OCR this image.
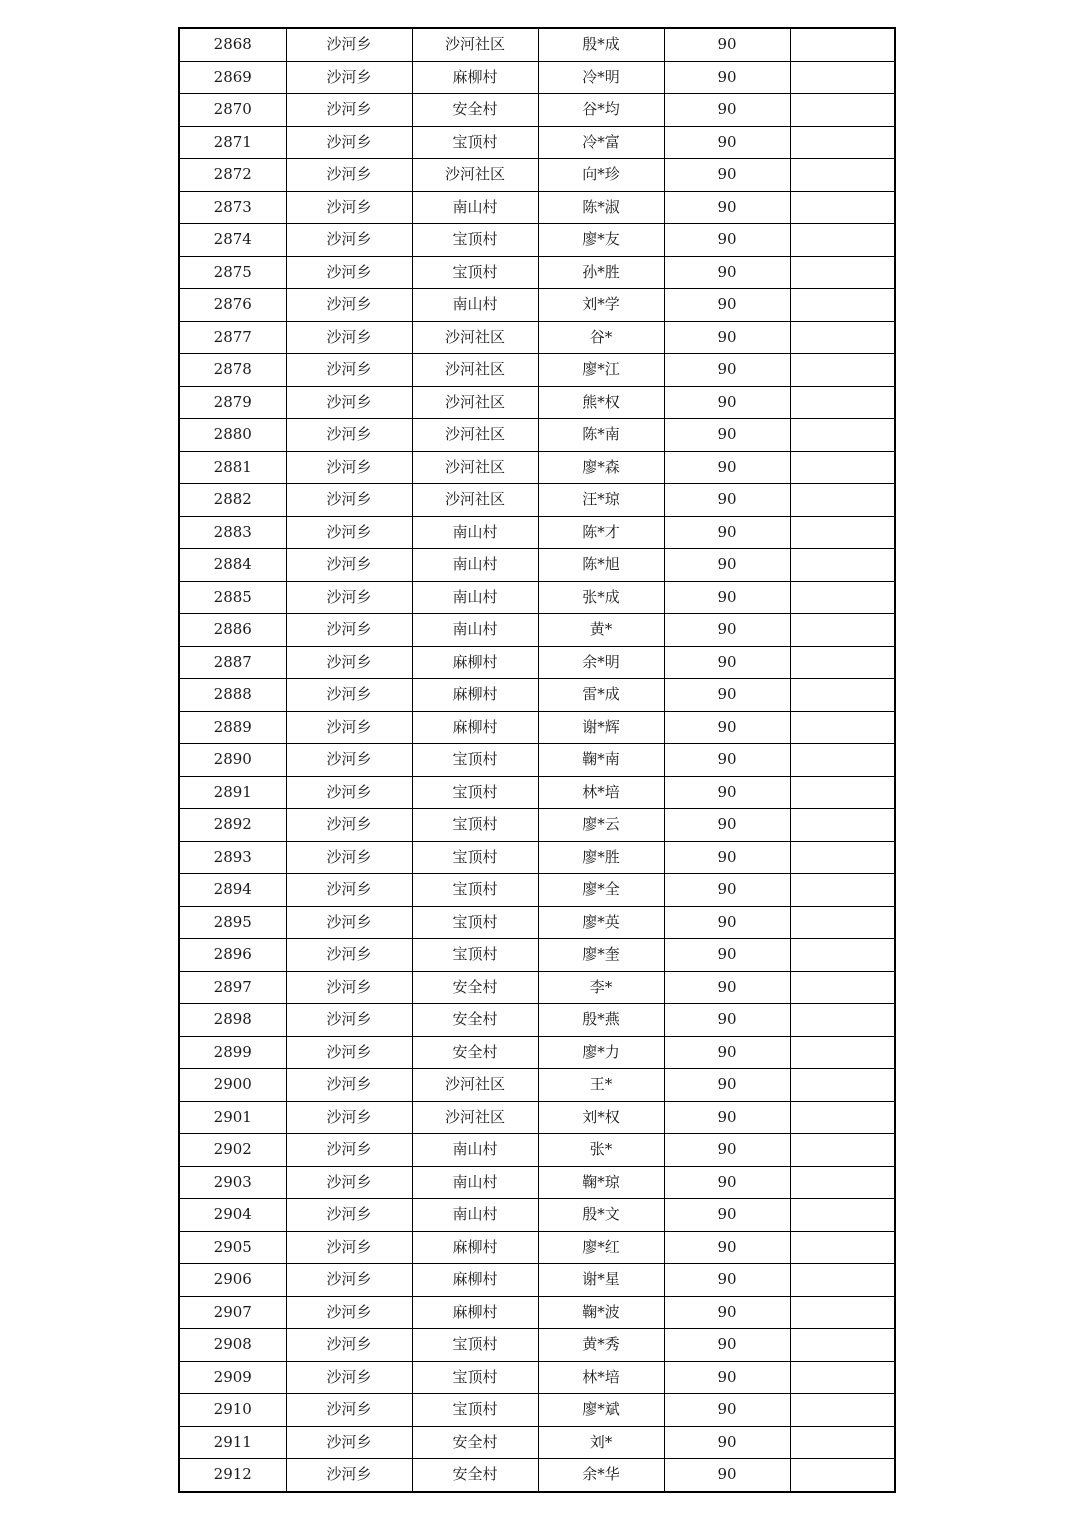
2868	沙河乡	沙河社区	殷*成	90	
2869	沙河乡	麻柳村	冷*明	90	
2870	沙河乡	安全村	谷*均	90	
2871	沙河乡	宝顶村	冷*富	90	
2872	沙河乡	沙河社区	向*珍	90	
2873	沙河乡	南山村	陈*淑	90	
2874	沙河乡	宝顶村	廖*友	90	
2875	沙河乡	宝顶村	孙*胜	90	
2876	沙河乡	南山村	刘*学	90	
2877	沙河乡	沙河社区	谷*	90	
2878	沙河乡	沙河社区	廖*江	90	
2879	沙河乡	沙河社区	熊*权	90	
2880	沙河乡	沙河社区	陈*南	90	
2881	沙河乡	沙河社区	廖*森	90	
2882	沙河乡	沙河社区	汪*琼	90	
2883	沙河乡	南山村	陈*才	90	
2884	沙河乡	南山村	陈*旭	90	
2885	沙河乡	南山村	张*成	90	
2886	沙河乡	南山村	黄*	90	
2887	沙河乡	麻柳村	余*明	90	
2888	沙河乡	麻柳村	雷*成	90	
2889	沙河乡	麻柳村	谢*辉	90	
2890	沙河乡	宝顶村	鞠*南	90	
2891	沙河乡	宝顶村	林*培	90	
2892	沙河乡	宝顶村	廖*云	90	
2893	沙河乡	宝顶村	廖*胜	90	
2894	沙河乡	宝顶村	廖*全	90	
2895	沙河乡	宝顶村	廖*英	90	
2896	沙河乡	宝顶村	廖*奎	90	
2897	沙河乡	安全村	李*	90	
2898	沙河乡	安全村	殷*燕	90	
2899	沙河乡	安全村	廖*力	90	
2900	沙河乡	沙河社区	王*	90	
2901	沙河乡	沙河社区	刘*权	90	
2902	沙河乡	南山村	张*	90	
2903	沙河乡	南山村	鞠*琼	90	
2904	沙河乡	南山村	殷*文	90	
2905	沙河乡	麻柳村	廖*红	90	
2906	沙河乡	麻柳村	谢*星	90	
2907	沙河乡	麻柳村	鞠*波	90	
2908	沙河乡	宝顶村	黄*秀	90	
2909	沙河乡	宝顶村	林*培	90	
2910	沙河乡	宝顶村	廖*斌	90	
2911	沙河乡	安全村	刘*	90	
2912	沙河乡	安全村	余*华	90	
